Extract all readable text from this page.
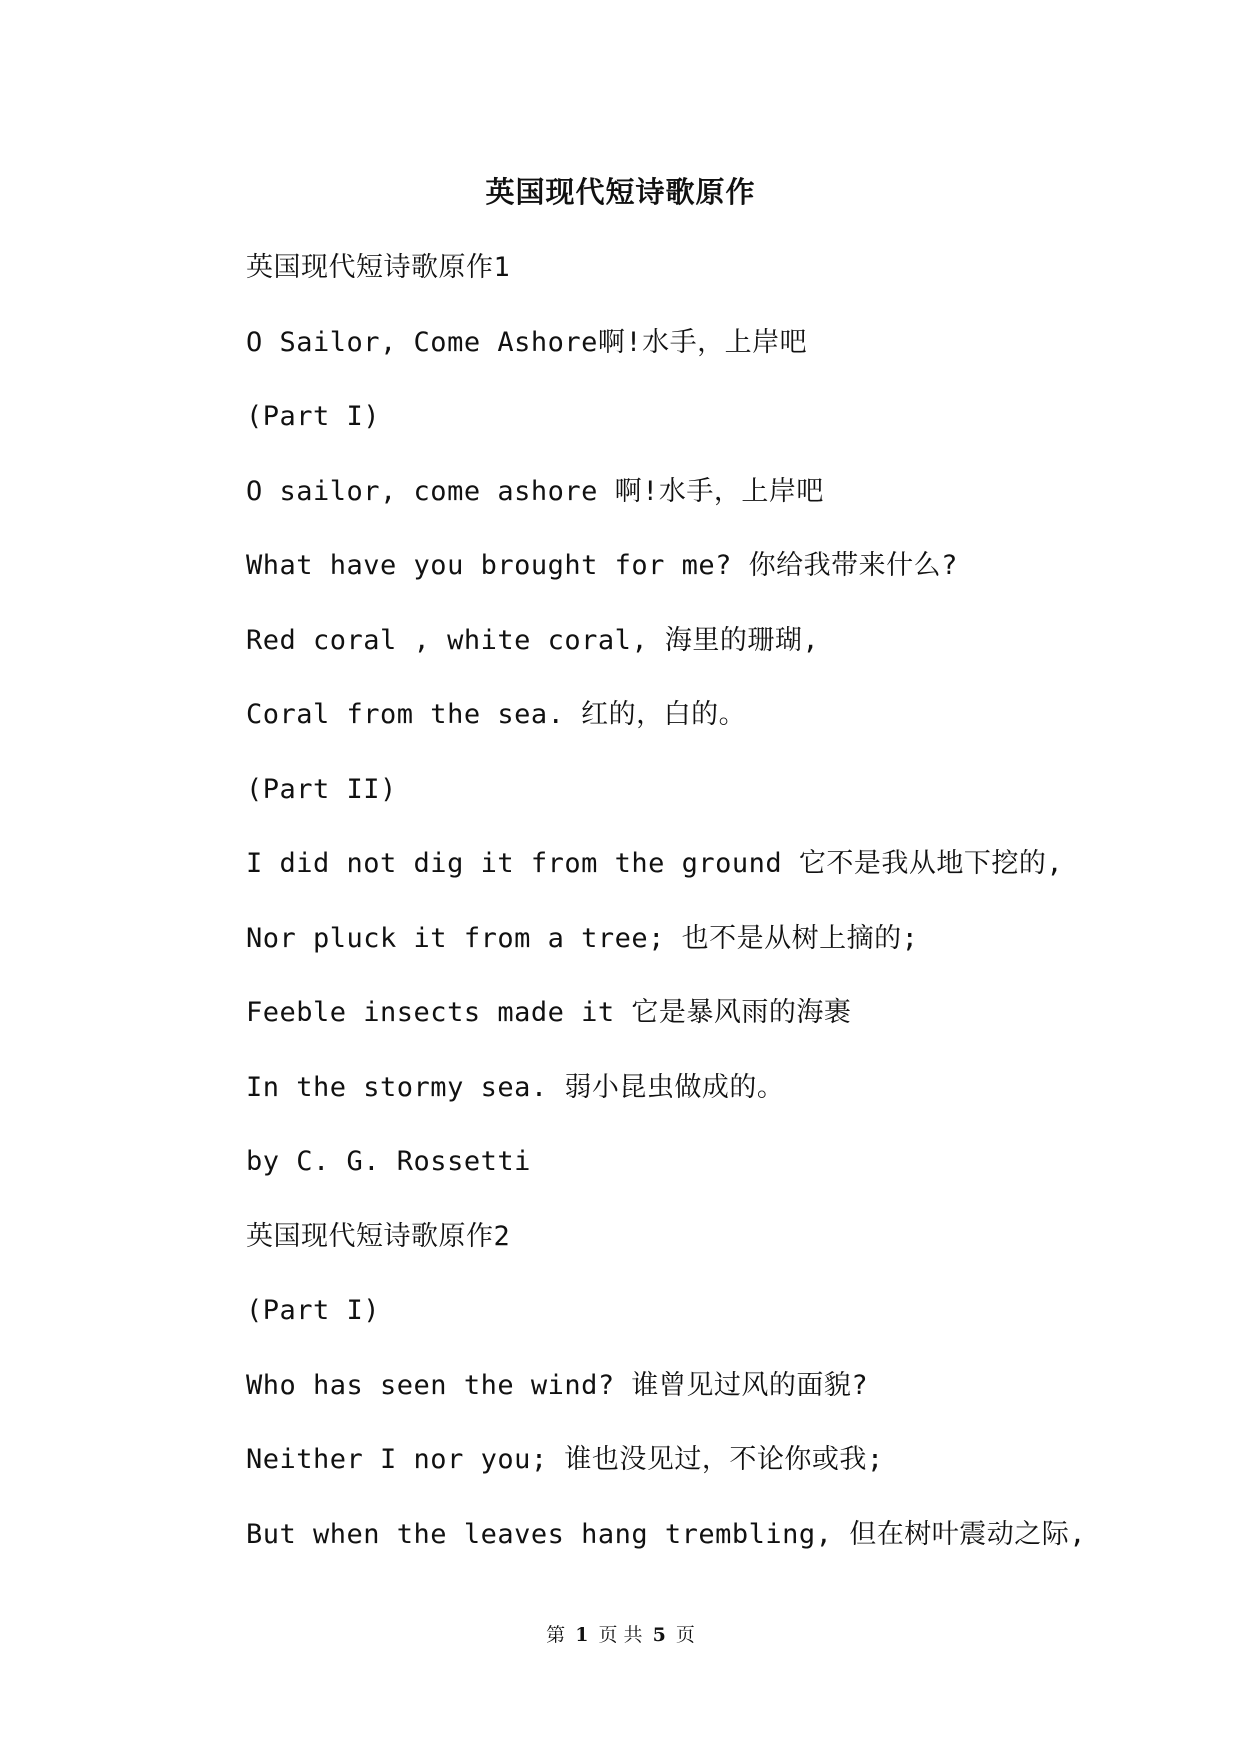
英国现代短诗歌原作
英国现代短诗歌原作1
O Sailor, Come Ashore啊!水手，上岸吧
(Part I)
O sailor, come ashore 啊!水手，上岸吧
What have you brought for me? 你给我带来什么?
Red coral , white coral, 海里的珊瑚,
Coral from the sea. 红的，白的。
(Part II)
I did not dig it from the ground 它不是我从地下挖的,
Nor pluck it from a tree; 也不是从树上摘的;
Feeble insects made it 它是暴风雨的海裹
In the stormy sea. 弱小昆虫做成的。
by C. G. Rossetti
英国现代短诗歌原作2
(Part I)
Who has seen the wind? 谁曾见过风的面貌?
Neither I nor you; 谁也没见过，不论你或我;
But when the leaves hang trembling, 但在树叶震动之际,
第 1 页 共 5 页
